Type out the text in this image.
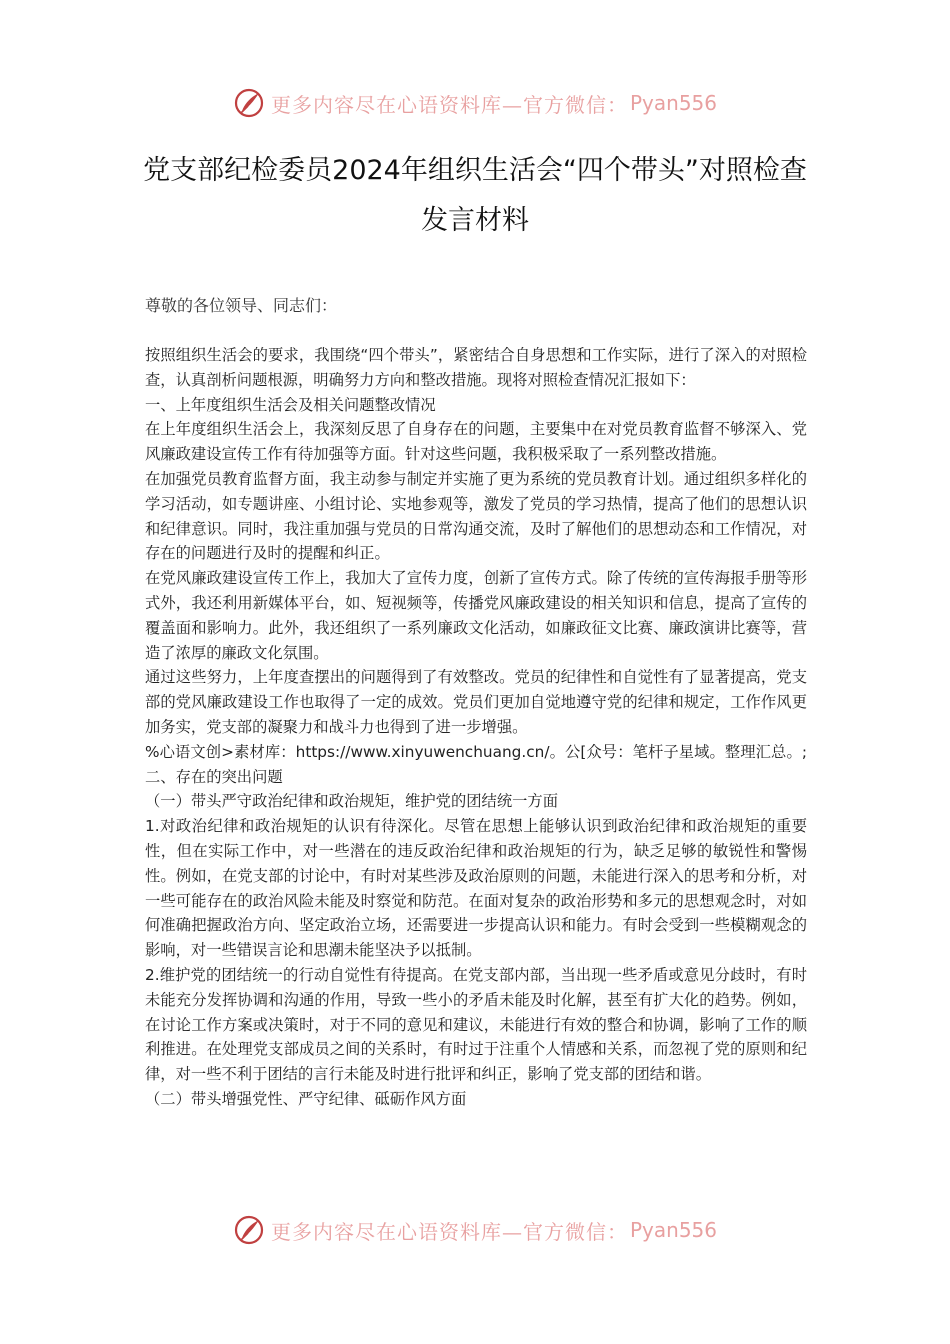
更多内容尽在心语资料库—官方微信： Pyan556
党支部纪检委员2024年组织生活会“四个带头”对照检查发言材料
尊敬的各位领导、同志们：

按照组织生活会的要求，我围绕“四个带头”，紧密结合自身思想和工作实际，进行了深入的对照检查，认真剖析问题根源，明确努力方向和整改措施。现将对照检查情况汇报如下：

一、上年度组织生活会及相关问题整改情况

在上年度组织生活会上，我深刻反思了自身存在的问题，主要集中在对党员教育监督不够深入、党风廉政建设宣传工作有待加强等方面。针对这些问题，我积极采取了一系列整改措施。

在加强党员教育监督方面，我主动参与制定并实施了更为系统的党员教育计划。通过组织多样化的学习活动，如专题讲座、小组讨论、实地参观等，激发了党员的学习热情，提高了他们的思想认识和纪律意识。同时，我注重加强与党员的日常沟通交流，及时了解他们的思想动态和工作情况，对存在的问题进行及时的提醒和纠正。

在党风廉政建设宣传工作上，我加大了宣传力度，创新了宣传方式。除了传统的宣传海报手册等形式外，我还利用新媒体平台，如、短视频等，传播党风廉政建设的相关知识和信息，提高了宣传的覆盖面和影响力。此外，我还组织了一系列廉政文化活动，如廉政征文比赛、廉政演讲比赛等，营造了浓厚的廉政文化氛围。

通过这些努力，上年度查摆出的问题得到了有效整改。党员的纪律性和自觉性有了显著提高，党支部的党风廉政建设工作也取得了一定的成效。党员们更加自觉地遵守党的纪律和规定，工作作风更加务实，党支部的凝聚力和战斗力也得到了进一步增强。

%心语文创>素材库：https://www.xinyuwenchuang.cn/。公[众号：笔杆子星域。整理汇总。;二、存在的突出问题

（一）带头严守政治纪律和政治规矩，维护党的团结统一方面

1.对政治纪律和政治规矩的认识有待深化。尽管在思想上能够认识到政治纪律和政治规矩的重要性，但在实际工作中，对一些潜在的违反政治纪律和政治规矩的行为，缺乏足够的敏锐性和警惕性。例如，在党支部的讨论中，有时对某些涉及政治原则的问题，未能进行深入的思考和分析，对一些可能存在的政治风险未能及时察觉和防范。在面对复杂的政治形势和多元的思想观念时，对如何准确把握政治方向、坚定政治立场，还需要进一步提高认识和能力。有时会受到一些模糊观念的影响，对一些错误言论和思潮未能坚决予以抵制。

2.维护党的团结统一的行动自觉性有待提高。在党支部内部，当出现一些矛盾或意见分歧时，有时未能充分发挥协调和沟通的作用，导致一些小的矛盾未能及时化解，甚至有扩大化的趋势。例如，在讨论工作方案或决策时，对于不同的意见和建议，未能进行有效的整合和协调，影响了工作的顺利推进。在处理党支部成员之间的关系时，有时过于注重个人情感和关系，而忽视了党的原则和纪律，对一些不利于团结的言行未能及时进行批评和纠正，影响了党支部的团结和谐。

（二）带头增强党性、严守纪律、砥砺作风方面

更多内容尽在心语资料库—官方微信： Pyan556
